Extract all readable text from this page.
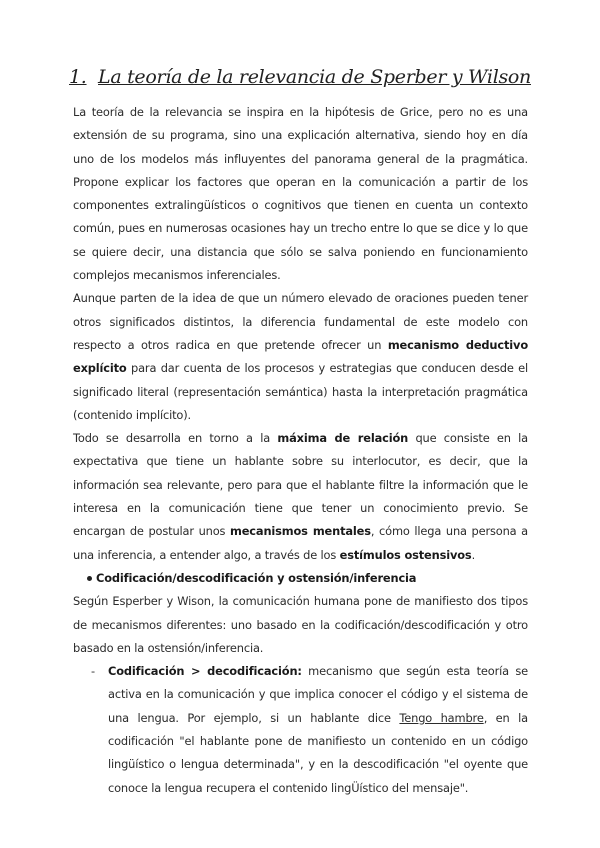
1. La teoría de la relevancia de Sperber y Wilson

La teoría de la relevancia se inspira en la hipótesis de Grice, pero no es una extensión de su programa, sino una explicación alternativa, siendo hoy en día uno de los modelos más influyentes del panorama general de la pragmática. Propone explicar los factores que operan en la comunicación a partir de los componentes extralingüísticos o cognitivos que tienen en cuenta un contexto común, pues en numerosas ocasiones hay un trecho entre lo que se dice y lo que se quiere decir, una distancia que sólo se salva poniendo en funcionamiento complejos mecanismos inferenciales.

Aunque parten de la idea de que un número elevado de oraciones pueden tener otros significados distintos, la diferencia fundamental de este modelo con respecto a otros radica en que pretende ofrecer un mecanismo deductivo explícito para dar cuenta de los procesos y estrategias que conducen desde el significado literal (representación semántica) hasta la interpretación pragmática (contenido implícito).

Todo se desarrolla en torno a la máxima de relación que consiste en la expectativa que tiene un hablante sobre su interlocutor, es decir, que la información sea relevante, pero para que el hablante filtre la información que le interesa en la comunicación tiene que tener un conocimiento previo. Se encargan de postular unos mecanismos mentales, cómo llega una persona a una inferencia, a entender algo, a través de los estímulos ostensivos.

Codificación/descodificación y ostensión/inferencia

Según Esperber y Wison, la comunicación humana pone de manifiesto dos tipos de mecanismos diferentes: uno basado en la codificación/descodificación y otro basado en la ostensión/inferencia.

- Codificación > decodificación: mecanismo que según esta teoría se activa en la comunicación y que implica conocer el código y el sistema de una lengua. Por ejemplo, si un hablante dice Tengo hambre, en la codificación "el hablante pone de manifiesto un contenido en un código lingüístico o lengua determinada", y en la descodificación "el oyente que conoce la lengua recupera el contenido lingÜístico del mensaje".
